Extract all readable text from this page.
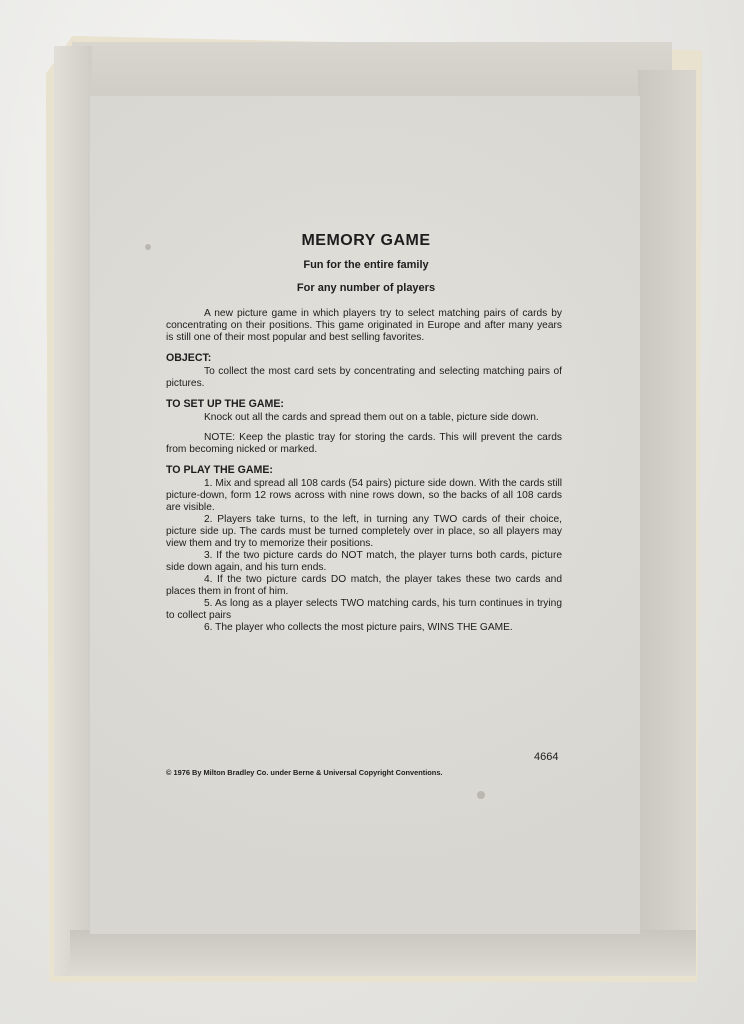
MEMORY GAME
Fun for the entire family
For any number of players

A new picture game in which players try to select matching pairs of cards by concentrating on their positions. This game originated in Europe and after many years is still one of their most popular and best selling favorites.

OBJECT:

To collect the most card sets by concentrating and selecting matching pairs of pictures.

TO SET UP THE GAME:

Knock out all the cards and spread them out on a table, picture side down.

NOTE: Keep the plastic tray for storing the cards. This will prevent the cards from becoming nicked or marked.

TO PLAY THE GAME:

1. Mix and spread all 108 cards (54 pairs) picture side down. With the cards still picture-down, form 12 rows across with nine rows down, so the backs of all 108 cards are visible.

2. Players take turns, to the left, in turning any TWO cards of their choice, picture side up. The cards must be turned completely over in place, so all players may view them and try to memorize their positions.

3. If the two picture cards do NOT match, the player turns both cards, picture side down again, and his turn ends.

4. If the two picture cards DO match, the player takes these two cards and places them in front of him.

5. As long as a player selects TWO matching cards, his turn continues in trying to collect pairs

6. The player who collects the most picture pairs, WINS THE GAME.

4664
© 1976 By Milton Bradley Co. under Berne & Universal Copyright Conventions.
